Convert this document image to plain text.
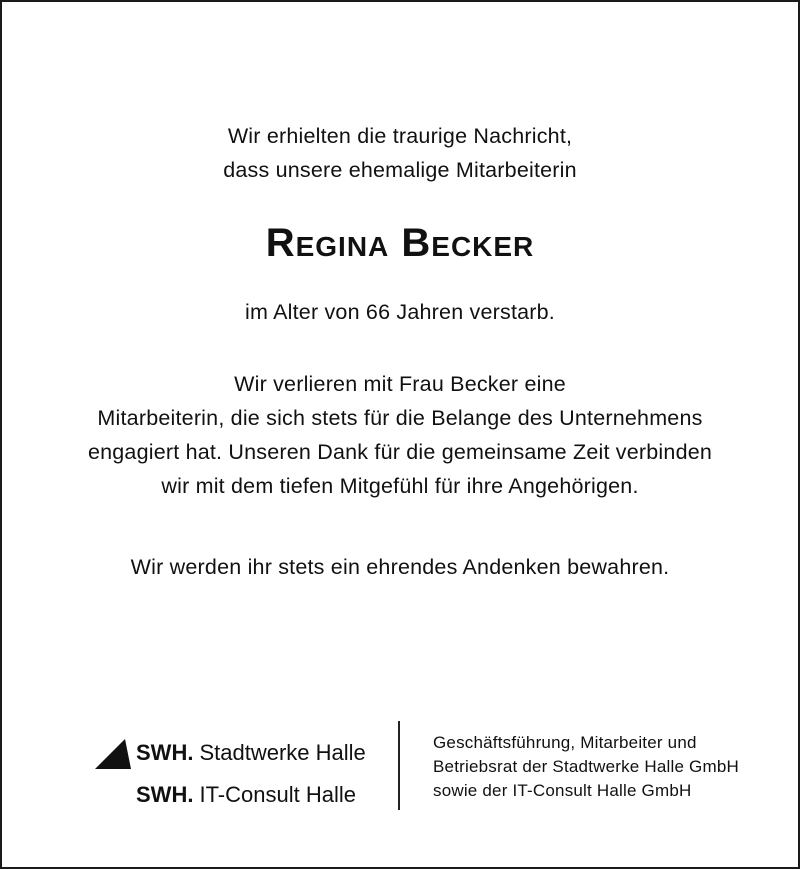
Wir erhielten die traurige Nachricht,
dass unsere ehemalige Mitarbeiterin
Regina Becker
im Alter von 66 Jahren verstarb.
Wir verlieren mit Frau Becker eine
Mitarbeiterin, die sich stets für die Belange des Unternehmens
engagiert hat. Unseren Dank für die gemeinsame Zeit verbinden
wir mit dem tiefen Mitgefühl für ihre Angehörigen.
Wir werden ihr stets ein ehrendes Andenken bewahren.
SWH. Stadtwerke Halle
SWH. IT-Consult Halle
Geschäftsführung, Mitarbeiter und
Betriebsrat der Stadtwerke Halle GmbH
sowie der IT-Consult Halle GmbH
